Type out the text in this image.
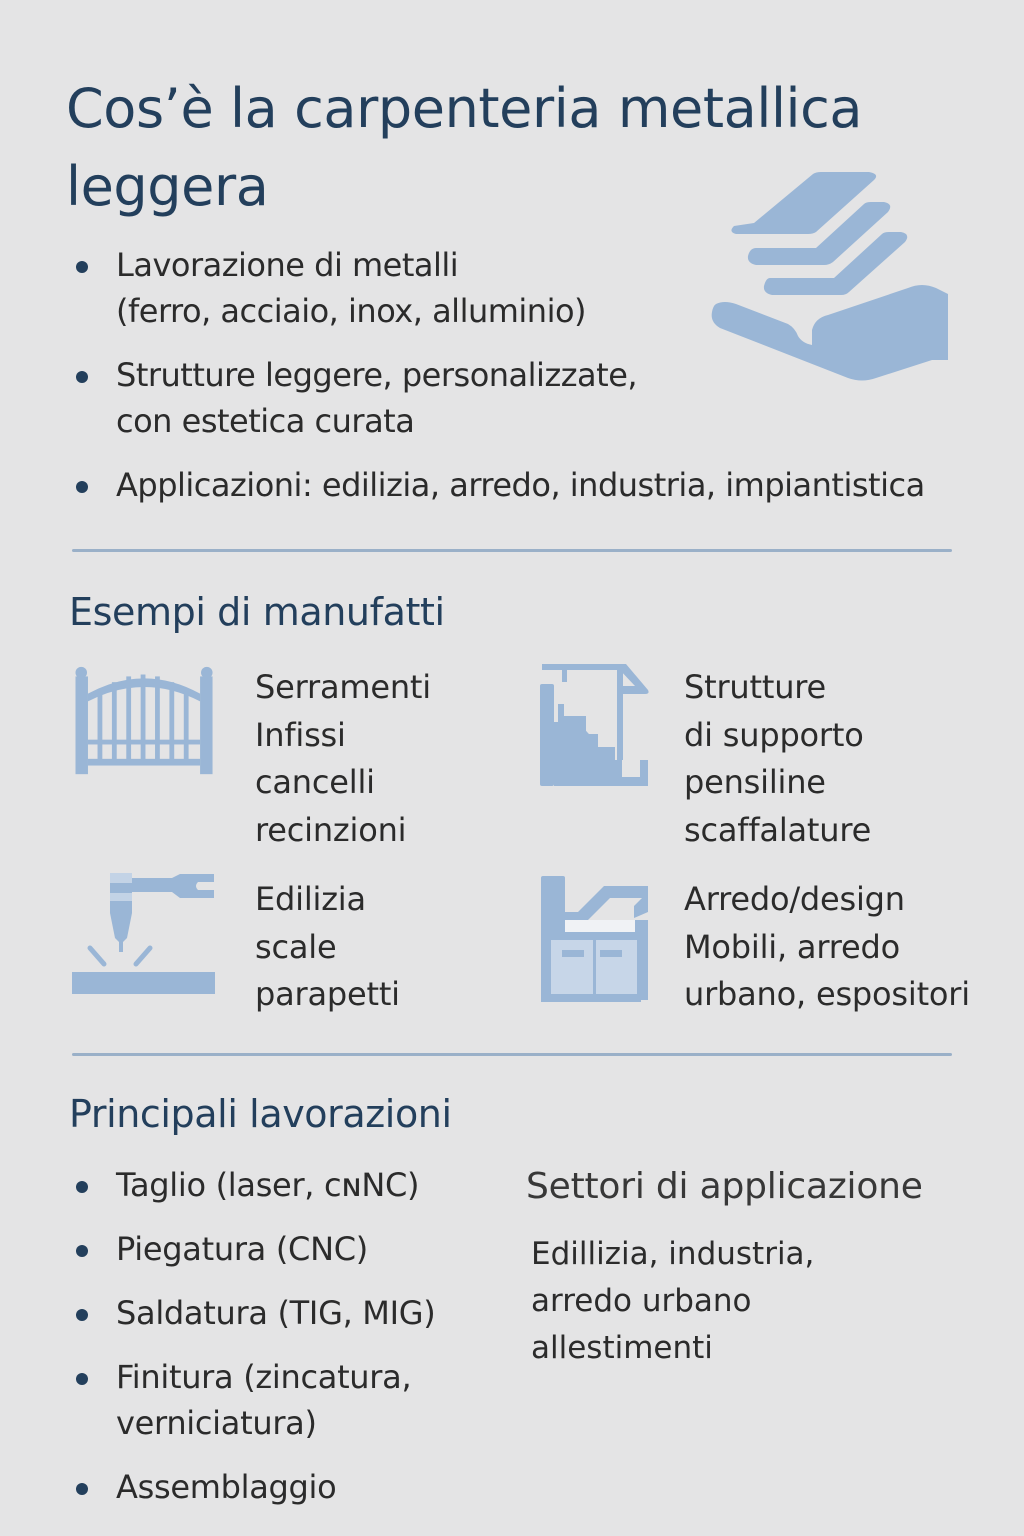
Cos’è la carpenteria metallica leggera
Lavorazione di metalli
(ferro, acciaio, inox, alluminio)
Strutture leggere, personalizzate,
con estetica curata
Applicazioni: edilizia, arredo, industria, impiantistica
Esempi di manufatti
Serramenti
Infissi
cancelli
recinzioni
Strutture
di supporto
pensiline
scaffalature
Edilizia
scale
parapetti
Arredo/design
Mobili, arredo
urbano, espositori
Principali lavorazioni
Taglio (laser, cɴNC)
Piegatura (CNC)
Saldatura (TIG, MIG)
Finitura (zincatura,
verniciatura)
Assemblaggio
Settori di applicazione
Edillizia, industria,
arredo urbano
allestimenti
